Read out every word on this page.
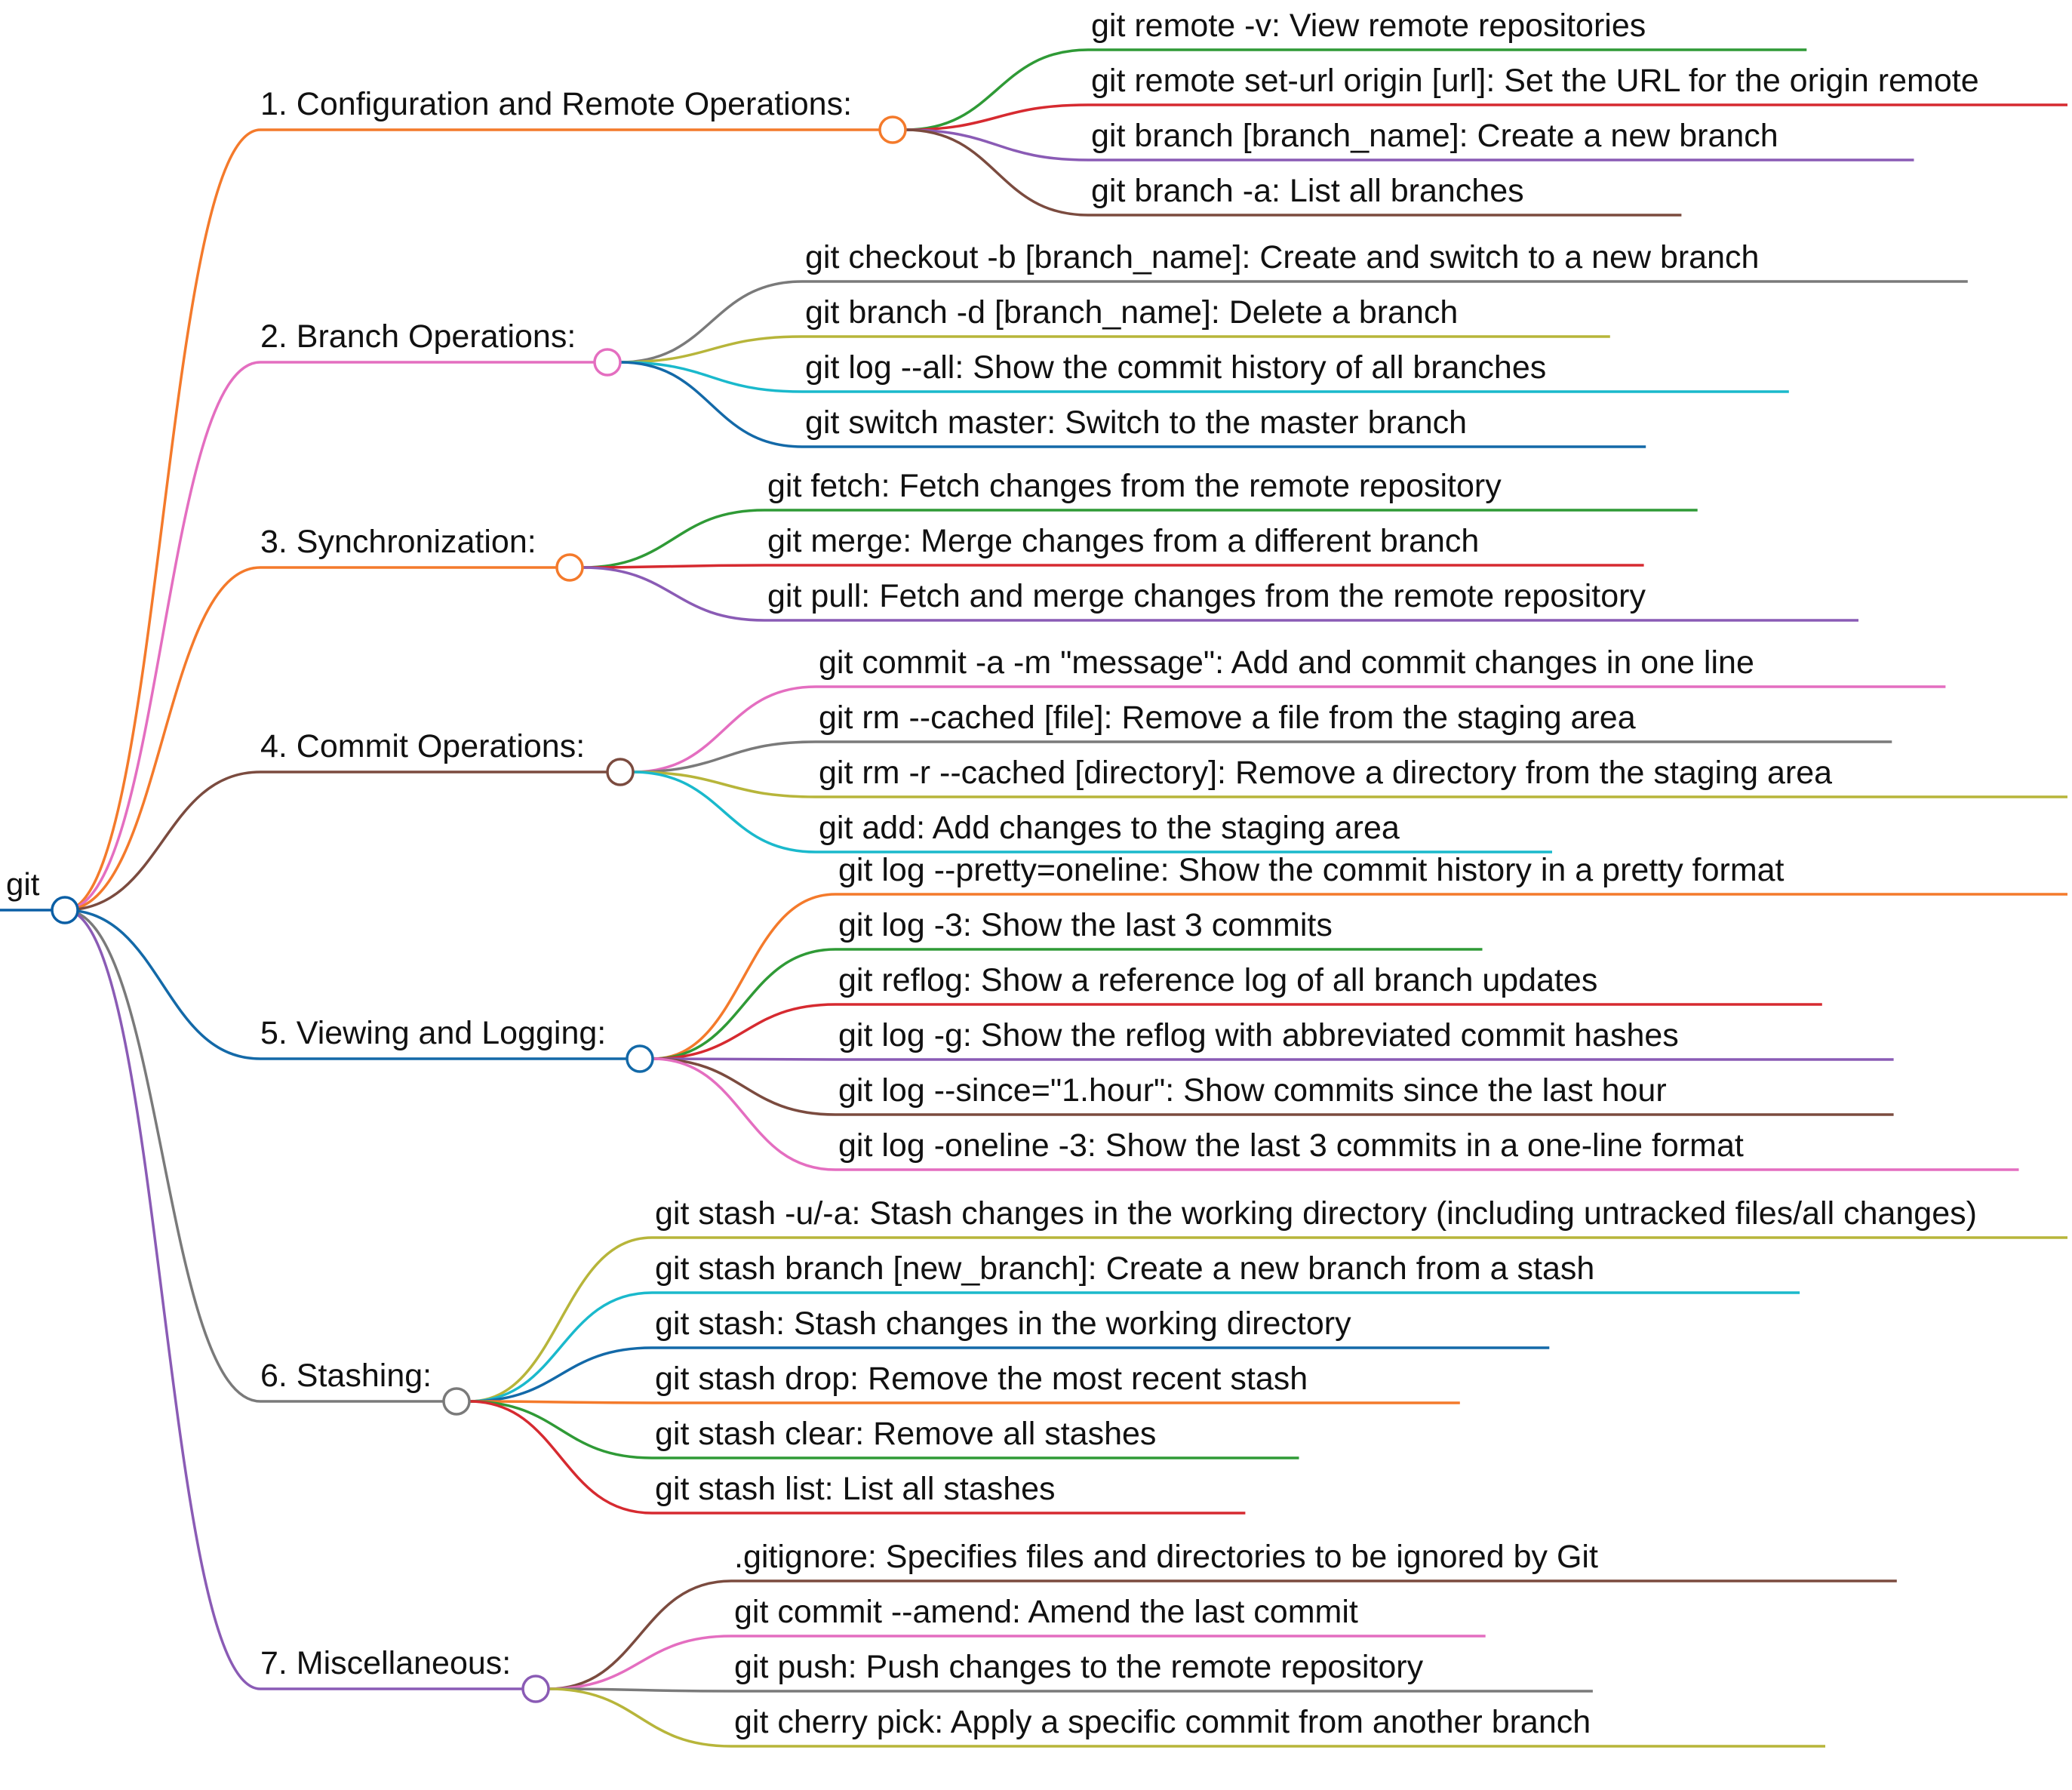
git remote -v: View remote repositories
git remote set-url origin [url]: Set the URL for the origin remote
git branch [branch_name]: Create a new branch
git branch -a: List all branches
1. Configuration and Remote Operations:
git checkout -b [branch_name]: Create and switch to a new branch
git branch -d [branch_name]: Delete a branch
git log --all: Show the commit history of all branches
git switch master: Switch to the master branch
2. Branch Operations:
git fetch: Fetch changes from the remote repository
git merge: Merge changes from a different branch
git pull: Fetch and merge changes from the remote repository
3. Synchronization:
git commit -a -m "message": Add and commit changes in one line
git rm --cached [file]: Remove a file from the staging area
git rm -r --cached [directory]: Remove a directory from the staging area
git add: Add changes to the staging area
4. Commit Operations:
git log --pretty=oneline: Show the commit history in a pretty format
git log -3: Show the last 3 commits
git reflog: Show a reference log of all branch updates
git log -g: Show the reflog with abbreviated commit hashes
git log --since="1.hour": Show commits since the last hour
git log -oneline -3: Show the last 3 commits in a one-line format
5. Viewing and Logging:
git stash -u/-a: Stash changes in the working directory (including untracked files/all changes)
git stash branch [new_branch]: Create a new branch from a stash
git stash: Stash changes in the working directory
git stash drop: Remove the most recent stash
git stash clear: Remove all stashes
git stash list: List all stashes
6. Stashing:
.gitignore: Specifies files and directories to be ignored by Git
git commit --amend: Amend the last commit
git push: Push changes to the remote repository
git cherry pick: Apply a specific commit from another branch
7. Miscellaneous:
git
